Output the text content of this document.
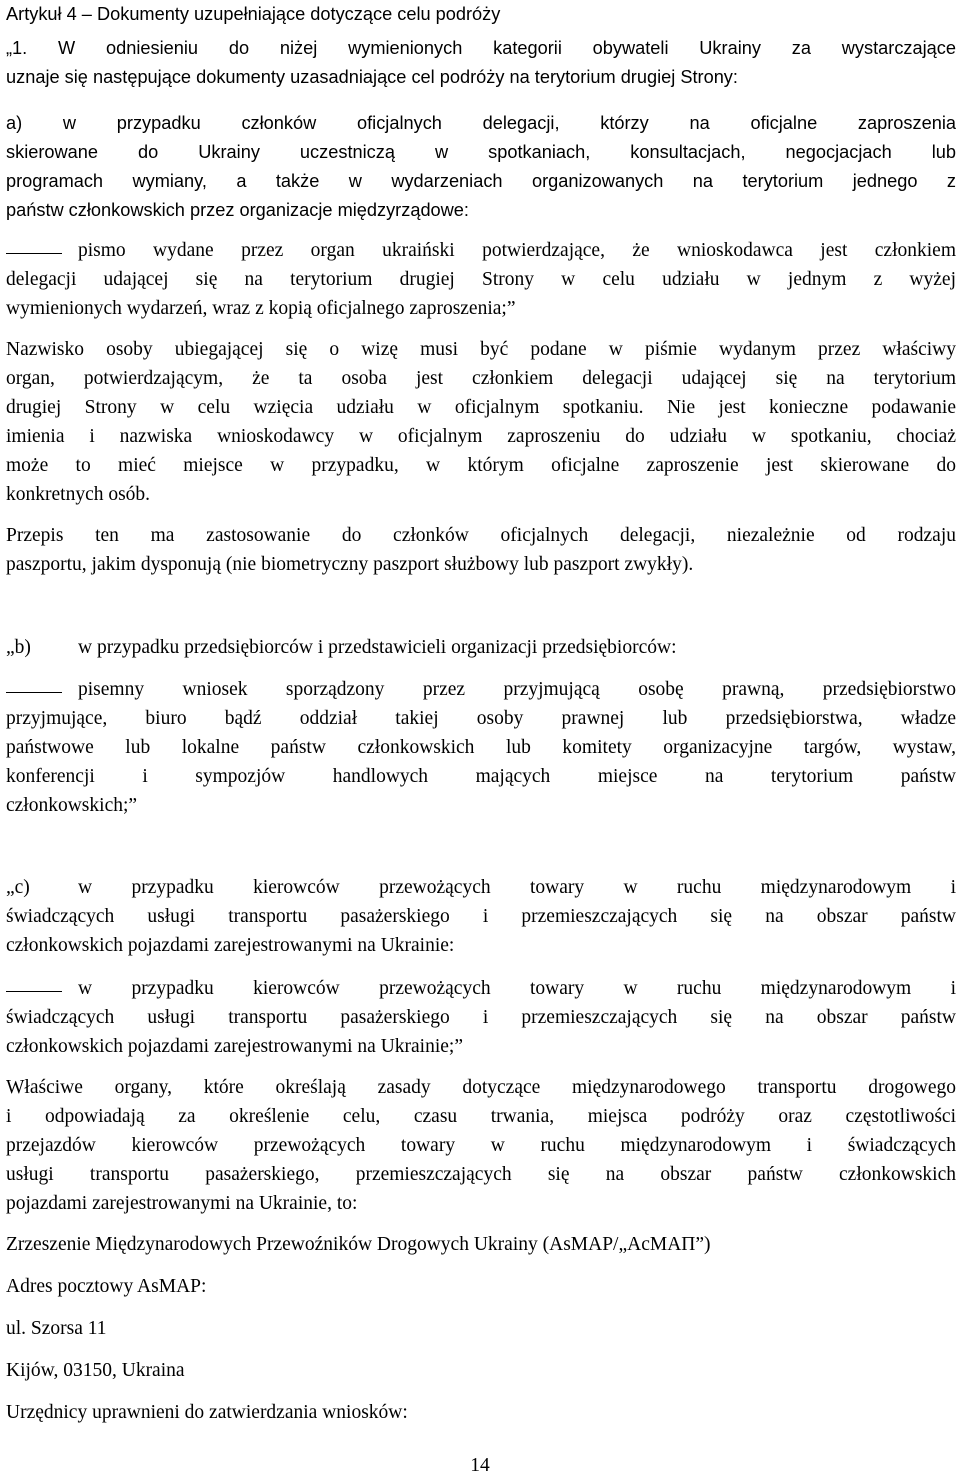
Artykuł 4 – Dokumenty uzupełniające dotyczące celu podróży
„1. W odniesieniu do niżej wymienionych kategorii obywateli Ukrainy za wystarczające
uznaje się następujące dokumenty uzasadniające cel podróży na terytorium drugiej Strony:
a) w przypadku członków oficjalnych delegacji, którzy na oficjalne zaproszenia
skierowane do Ukrainy uczestniczą w spotkaniach, konsultacjach, negocjacjach lub
programach wymiany, a także w wydarzeniach organizowanych na terytorium jednego z
państw członkowskich przez organizacje międzyrządowe:
pismo wydane przez organ ukraiński potwierdzające, że wnioskodawca jest członkiem
delegacji udającej się na terytorium drugiej Strony w celu udziału w jednym z wyżej
wymienionych wydarzeń, wraz z kopią oficjalnego zaproszenia;”
Nazwisko osoby ubiegającej się o wizę musi być podane w piśmie wydanym przez właściwy
organ, potwierdzającym, że ta osoba jest członkiem delegacji udającej się na terytorium
drugiej Strony w celu wzięcia udziału w oficjalnym spotkaniu. Nie jest konieczne podawanie
imienia i nazwiska wnioskodawcy w oficjalnym zaproszeniu do udziału w spotkaniu, chociaż
może to mieć miejsce w przypadku, w którym oficjalne zaproszenie jest skierowane do
konkretnych osób.
Przepis ten ma zastosowanie do członków oficjalnych delegacji, niezależnie od rodzaju
paszportu, jakim dysponują (nie biometryczny paszport służbowy lub paszport zwykły).
„b)	w przypadku przedsiębiorców i przedstawicieli organizacji przedsiębiorców:
pisemny wniosek sporządzony przez przyjmującą osobę prawną, przedsiębiorstwo
przyjmujące, biuro bądź oddział takiej osoby prawnej lub przedsiębiorstwa, władze
państwowe lub lokalne państw członkowskich lub komitety organizacyjne targów, wystaw,
konferencji i sympozjów handlowych mających miejsce na terytorium państw
członkowskich;”
„c)	w przypadku kierowców przewożących towary w ruchu międzynarodowym i
świadczących usługi transportu pasażerskiego i przemieszczających się na obszar państw
członkowskich pojazdami zarejestrowanymi na Ukrainie:
w przypadku kierowców przewożących towary w ruchu międzynarodowym i
świadczących usługi transportu pasażerskiego i przemieszczających się na obszar państw
członkowskich pojazdami zarejestrowanymi na Ukrainie;”
Właściwe organy, które określają zasady dotyczące międzynarodowego transportu drogowego
i odpowiadają za określenie celu, czasu trwania, miejsca podróży oraz częstotliwości
przejazdów kierowców przewożących towary w ruchu międzynarodowym i świadczących
usługi transportu pasażerskiego, przemieszczających się na obszar państw członkowskich
pojazdami zarejestrowanymi na Ukrainie, to:
Zrzeszenie Międzynarodowych Przewoźników Drogowych Ukrainy (AsMAP/„AcMAΠ”)
Adres pocztowy AsMAP:
ul. Szorsa 11
Kijów, 03150, Ukraina
Urzędnicy uprawnieni do zatwierdzania wniosków:
14
